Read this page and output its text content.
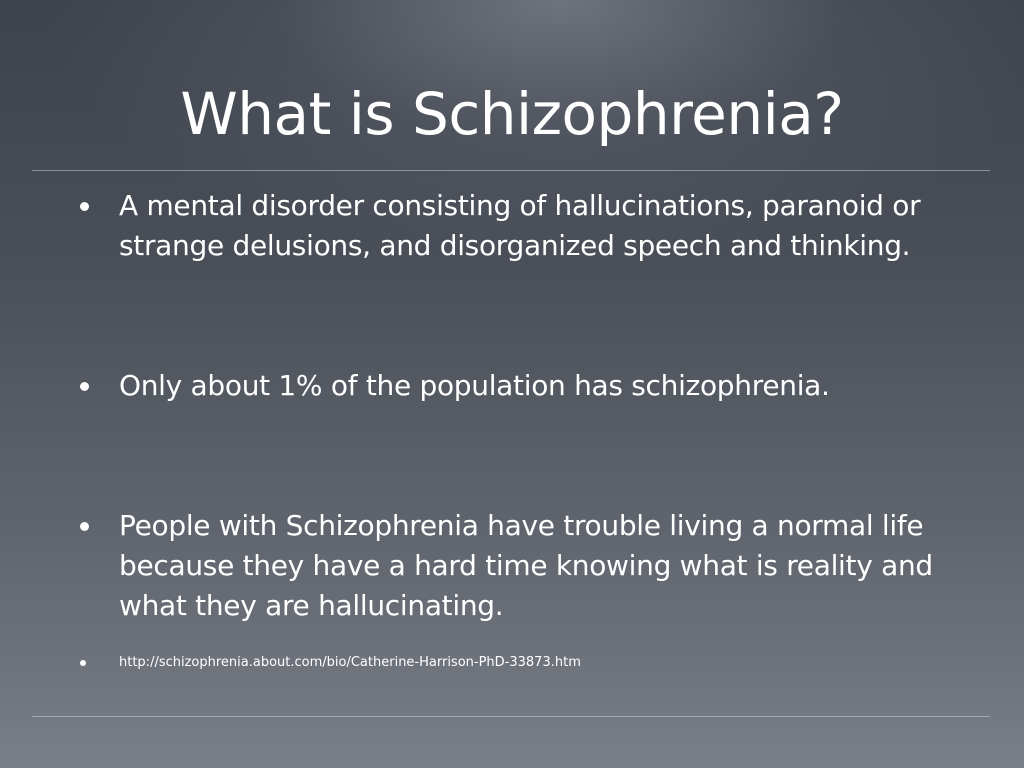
What is Schizophrenia?
A mental disorder consisting of hallucinations, paranoid or strange delusions, and disorganized speech and thinking.
Only about 1% of the population has schizophrenia.
People with Schizophrenia have trouble living a normal life because they have a hard time knowing what is reality and what they are hallucinating.
http://schizophrenia.about.com/bio/Catherine-Harrison-PhD-33873.htm
